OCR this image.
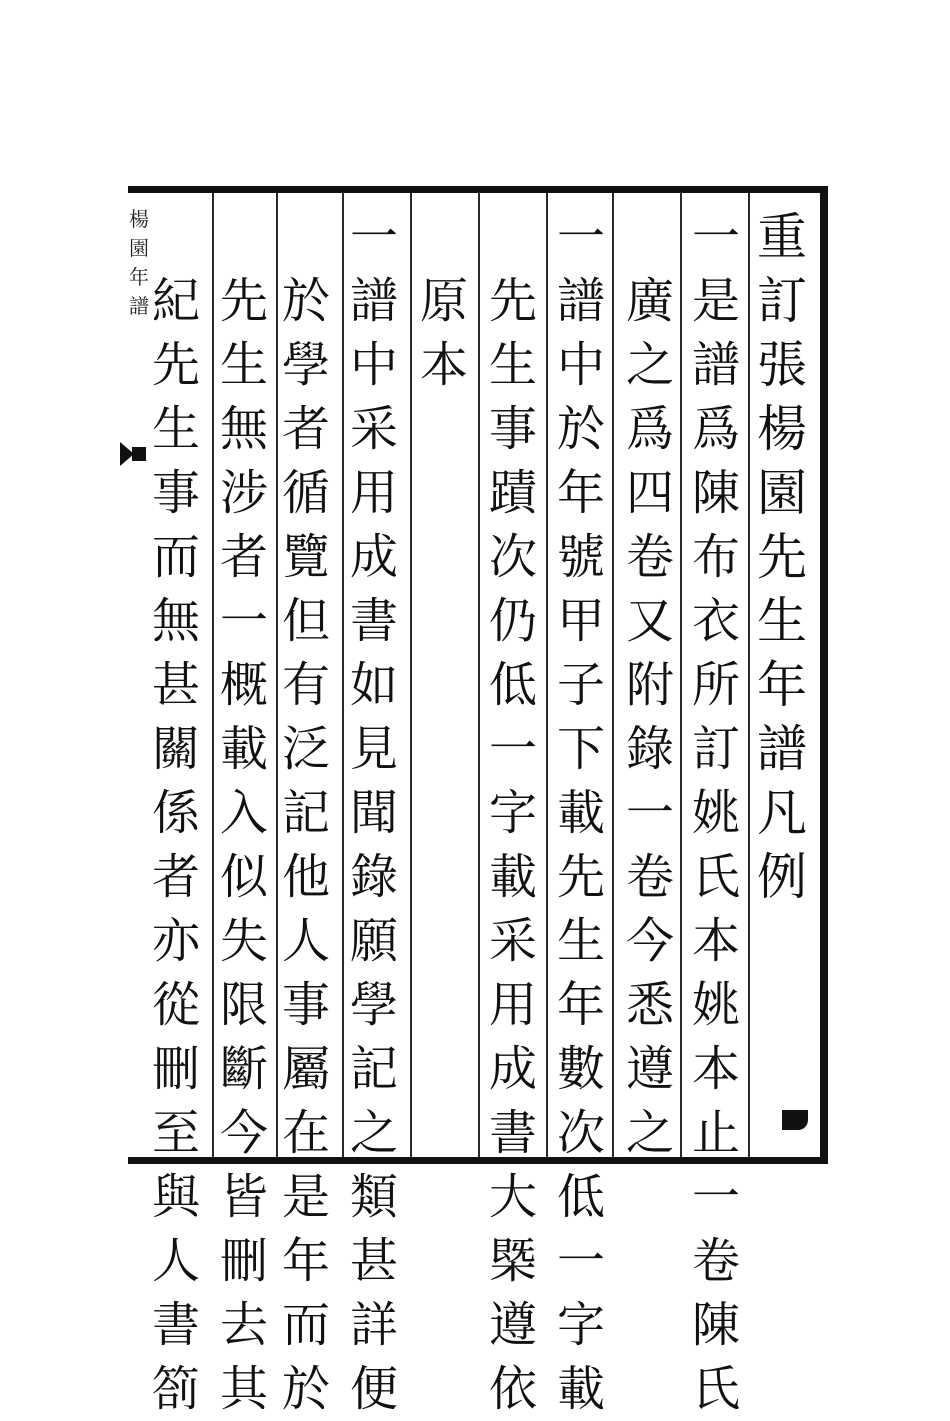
楊園年譜
重
訂
張
楊
園
先
生
年
譜
凡
例
一
是
譜
爲
陳
布
衣
所
訂
姚
氏
本
姚
本
止
一
卷
陳
氏
廣
之
爲
四
卷
又
附
錄
一
卷
今
悉
遵
之
一
譜
中
於
年
號
甲
子
下
載
先
生
年
數
次
低
一
字
載
先
生
事
蹟
次
仍
低
一
字
載
采
用
成
書
大
槩
遵
依
原
本
一
譜
中
采
用
成
書
如
見
聞
錄
願
學
記
之
類
甚
詳
便
於
學
者
循
覽
但
有
泛
記
他
人
事
屬
在
是
年
而
於
先
生
無
涉
者
一
概
載
入
似
失
限
斷
今
皆
刪
去
其
紀
先
生
事
而
無
甚
關
係
者
亦
從
刪
至
與
人
書
箚
